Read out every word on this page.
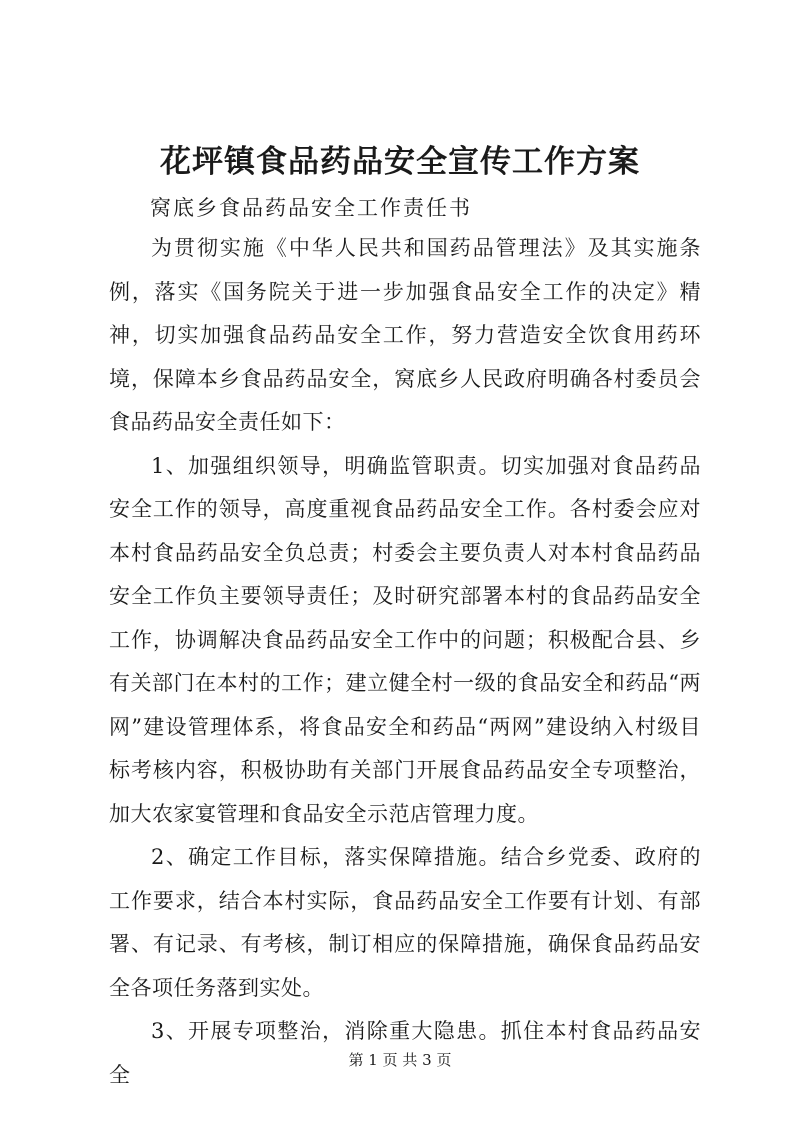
花坪镇食品药品安全宣传工作方案

窝底乡食品药品安全工作责任书

为贯彻实施《中华人民共和国药品管理法》及其实施条例，落实《国务院关于进一步加强食品安全工作的决定》精神，切实加强食品药品安全工作，努力营造安全饮食用药环境，保障本乡食品药品安全，窝底乡人民政府明确各村委员会食品药品安全责任如下：

1、加强组织领导，明确监管职责。切实加强对食品药品安全工作的领导，高度重视食品药品安全工作。各村委会应对本村食品药品安全负总责；村委会主要负责人对本村食品药品安全工作负主要领导责任；及时研究部署本村的食品药品安全工作，协调解决食品药品安全工作中的问题；积极配合县、乡有关部门在本村的工作；建立健全村一级的食品安全和药品“两网”建设管理体系，将食品安全和药品“两网”建设纳入村级目标考核内容，积极协助有关部门开展食品药品安全专项整治，加大农家宴管理和食品安全示范店管理力度。

2、确定工作目标，落实保障措施。结合乡党委、政府的工作要求，结合本村实际，食品药品安全工作要有计划、有部署、有记录、有考核，制订相应的保障措施，确保食品药品安全各项任务落到实处。

3、开展专项整治，消除重大隐患。抓住本村食品药品安全

第 1 页 共 3 页
